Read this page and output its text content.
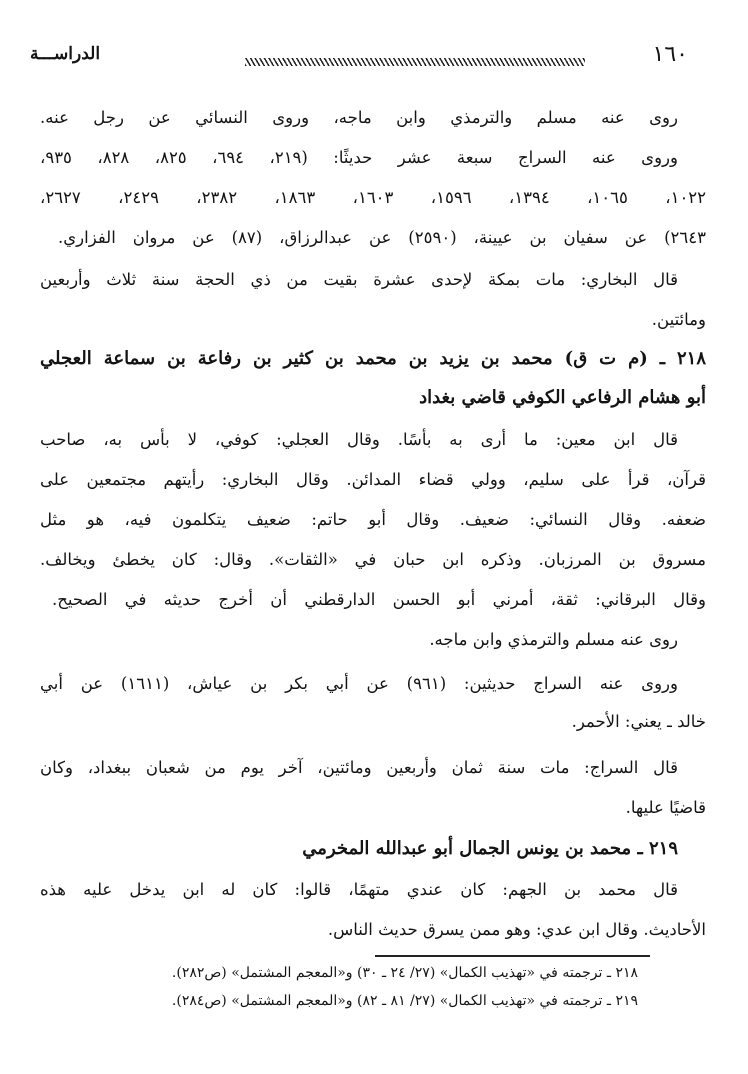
الدراســـة	١٦٠
روى عنه مسلم والترمذي وابن ماجه، وروى النسائي عن رجل عنه.
وروى عنه السراج سبعة عشر حديثًا: (٢١٩، ٦٩٤، ٨٢٥، ٨٢٨، ٩٣٥،
١٠٢٢، ١٠٦٥، ١٣٩٤، ١٥٩٦، ١٦٠٣، ١٨٦٣، ٢٣٨٢، ٢٤٢٩، ٢٦٢٧،
٢٦٤٣) عن سفيان بن عيينة، (٢٥٩٠) عن عبدالرزاق، (٨٧) عن مروان الفزاري.
قال البخاري: مات بمكة لإحدى عشرة بقيت من ذي الحجة سنة ثلاث وأربعين
ومائتين.
٢١٨ ـ (م ت ق) محمد بن يزيد بن محمد بن كثير بن رفاعة بن سماعة العجلي
أبو هشام الرفاعي الكوفي قاضي بغداد
قال ابن معين: ما أرى به بأسًا. وقال العجلي: كوفي، لا بأس به، صاحب
قرآن، قرأ على سليم، وولي قضاء المدائن. وقال البخاري: رأيتهم مجتمعين على
ضعفه. وقال النسائي: ضعيف. وقال أبو حاتم: ضعيف يتكلمون فيه، هو مثل
مسروق بن المرزبان. وذكره ابن حبان في «الثقات». وقال: كان يخطئ ويخالف.
وقال البرقاني: ثقة، أمرني أبو الحسن الدارقطني أن أخرج حديثه في الصحيح.
روى عنه مسلم والترمذي وابن ماجه.
وروى عنه السراج حديثين: (٩٦١) عن أبي بكر بن عياش، (١٦١١) عن أبي
خالد ـ يعني: الأحمر.
قال السراج: مات سنة ثمان وأربعين ومائتين، آخر يوم من شعبان ببغداد، وكان
قاضيًا عليها.
٢١٩ ـ محمد بن يونس الجمال أبو عبدالله المخرمي
قال محمد بن الجهم: كان عندي متهمًا، قالوا: كان له ابن يدخل عليه هذه
الأحاديث. وقال ابن عدي: وهو ممن يسرق حديث الناس.
٢١٨ ـ ترجمته في «تهذيب الكمال» (٢٧/ ٢٤ ـ ٣٠) و«المعجم المشتمل» (ص٢٨٢).
٢١٩ ـ ترجمته في «تهذيب الكمال» (٢٧/ ٨١ ـ ٨٢) و«المعجم المشتمل» (ص٢٨٤).
